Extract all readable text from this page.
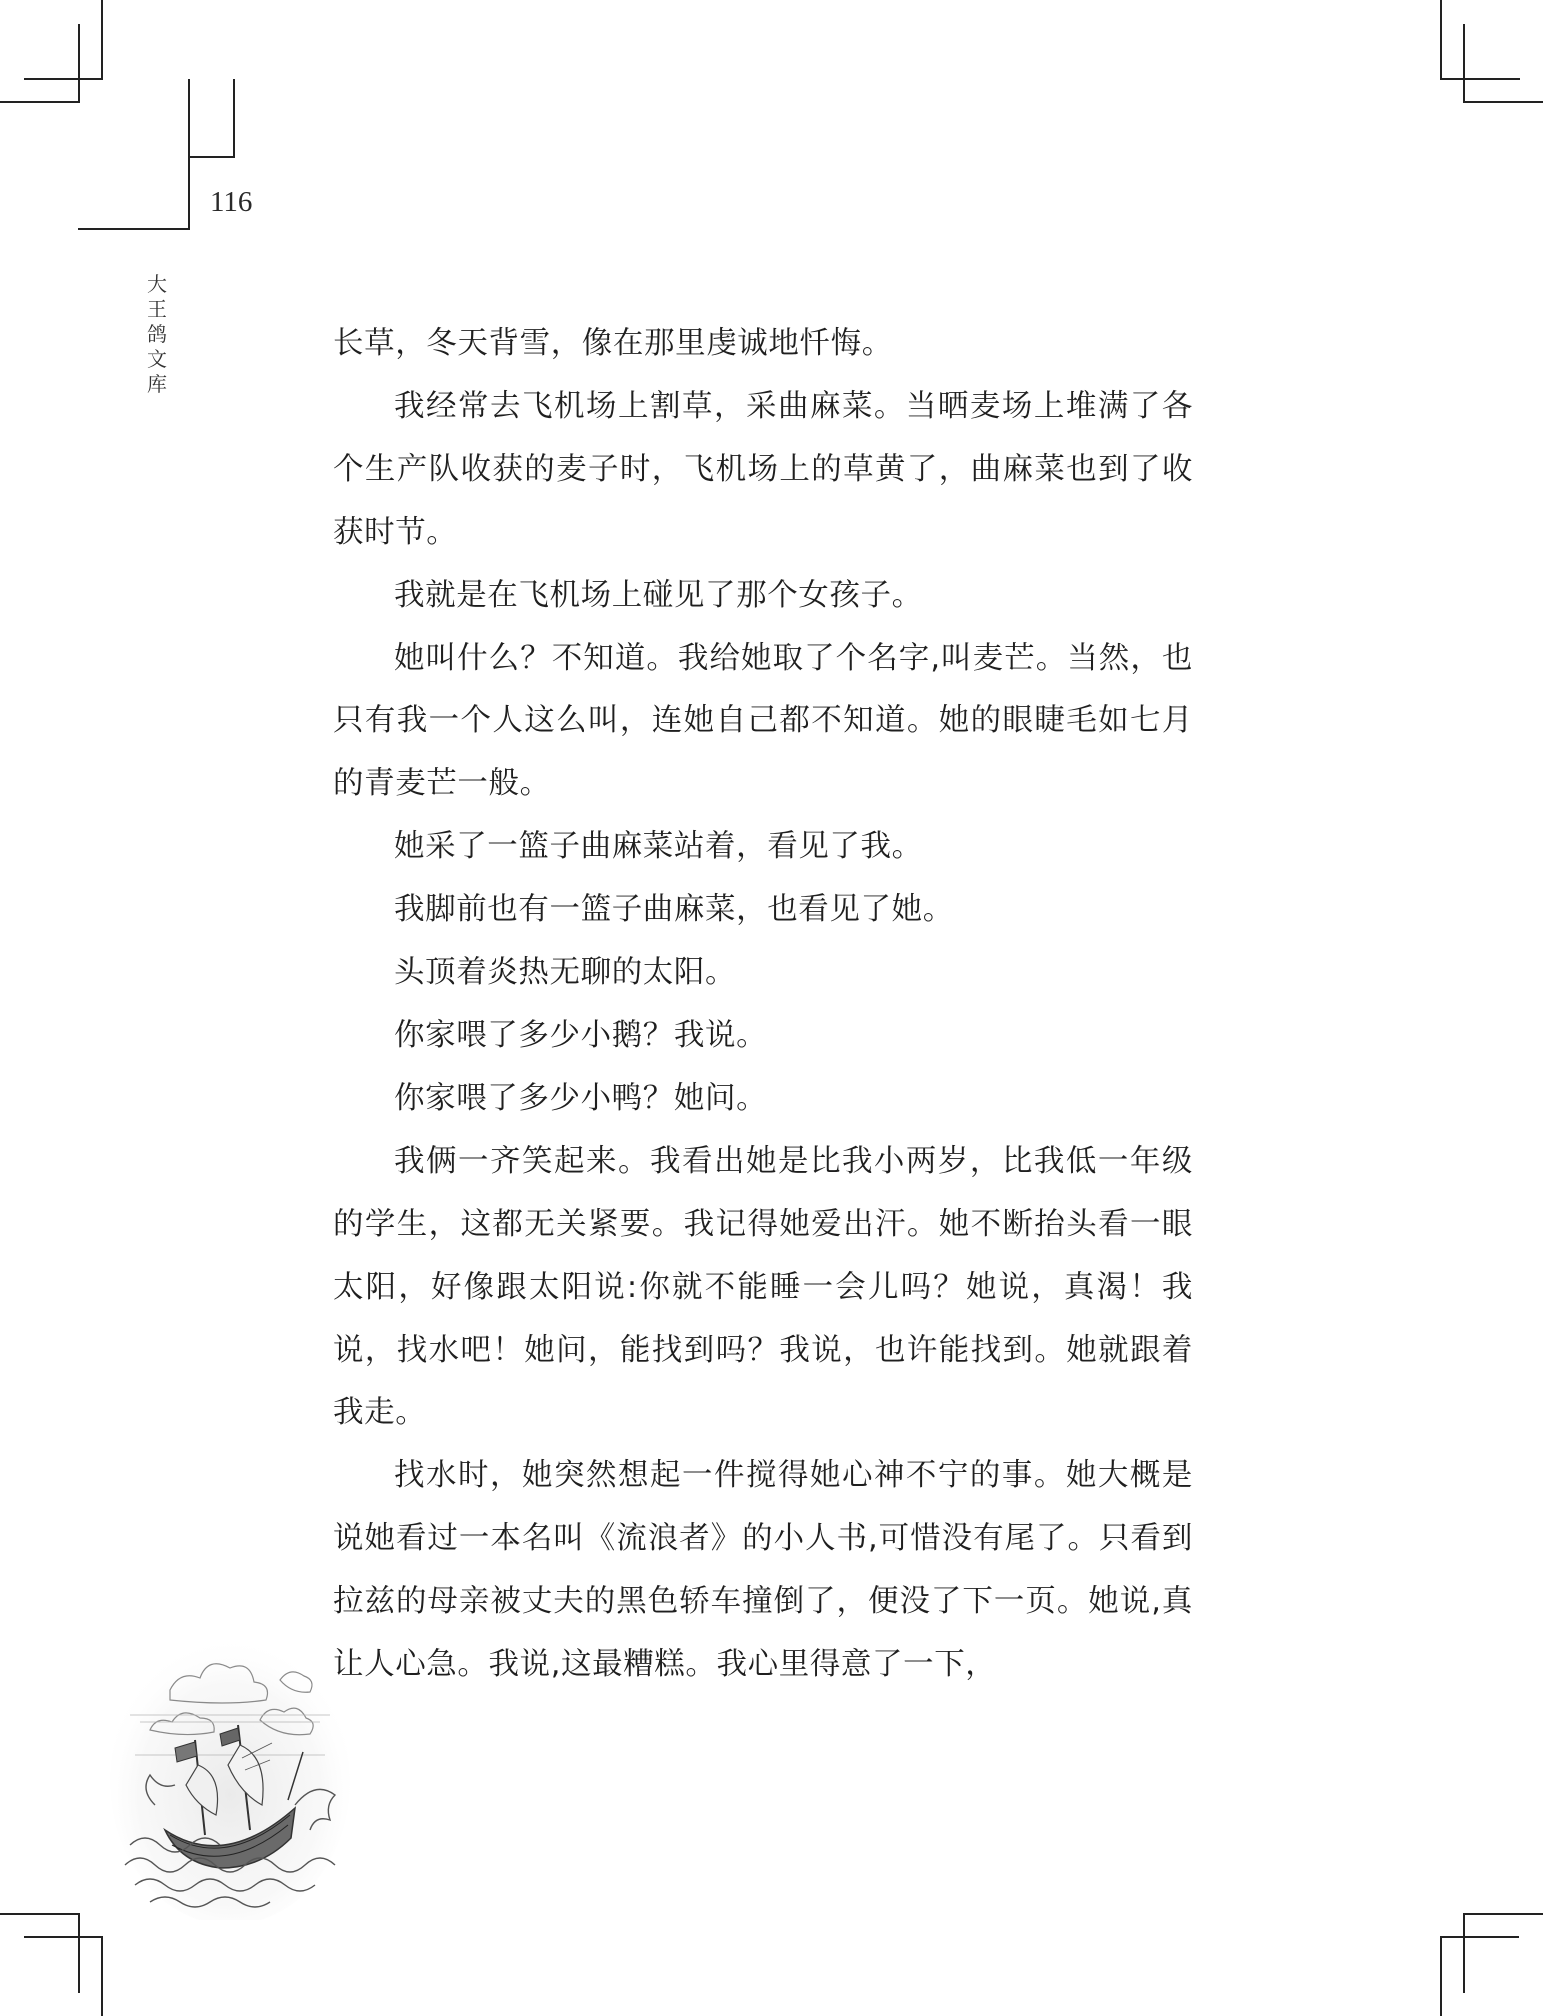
116
大王鸽文库

长草，冬天背雪，像在那里虔诚地忏悔。

我经常去飞机场上割草，采曲麻菜。当晒麦场上堆满了各个生产队收获的麦子时，飞机场上的草黄了，曲麻菜也到了收获时节。

我就是在飞机场上碰见了那个女孩子。

她叫什么？不知道。我给她取了个名字,叫麦芒。当然，也只有我一个人这么叫，连她自己都不知道。她的眼睫毛如七月的青麦芒一般。

她采了一篮子曲麻菜站着，看见了我。

我脚前也有一篮子曲麻菜，也看见了她。

头顶着炎热无聊的太阳。

你家喂了多少小鹅？我说。

你家喂了多少小鸭？她问。

我俩一齐笑起来。我看出她是比我小两岁，比我低一年级的学生，这都无关紧要。我记得她爱出汗。她不断抬头看一眼太阳，好像跟太阳说:你就不能睡一会儿吗？她说，真渴！我说，找水吧！她问，能找到吗？我说，也许能找到。她就跟着我走。

找水时，她突然想起一件搅得她心神不宁的事。她大概是说她看过一本名叫《流浪者》的小人书,可惜没有尾了。只看到拉兹的母亲被丈夫的黑色轿车撞倒了，便没了下一页。她说,真让人心急。我说,这最糟糕。我心里得意了一下，
